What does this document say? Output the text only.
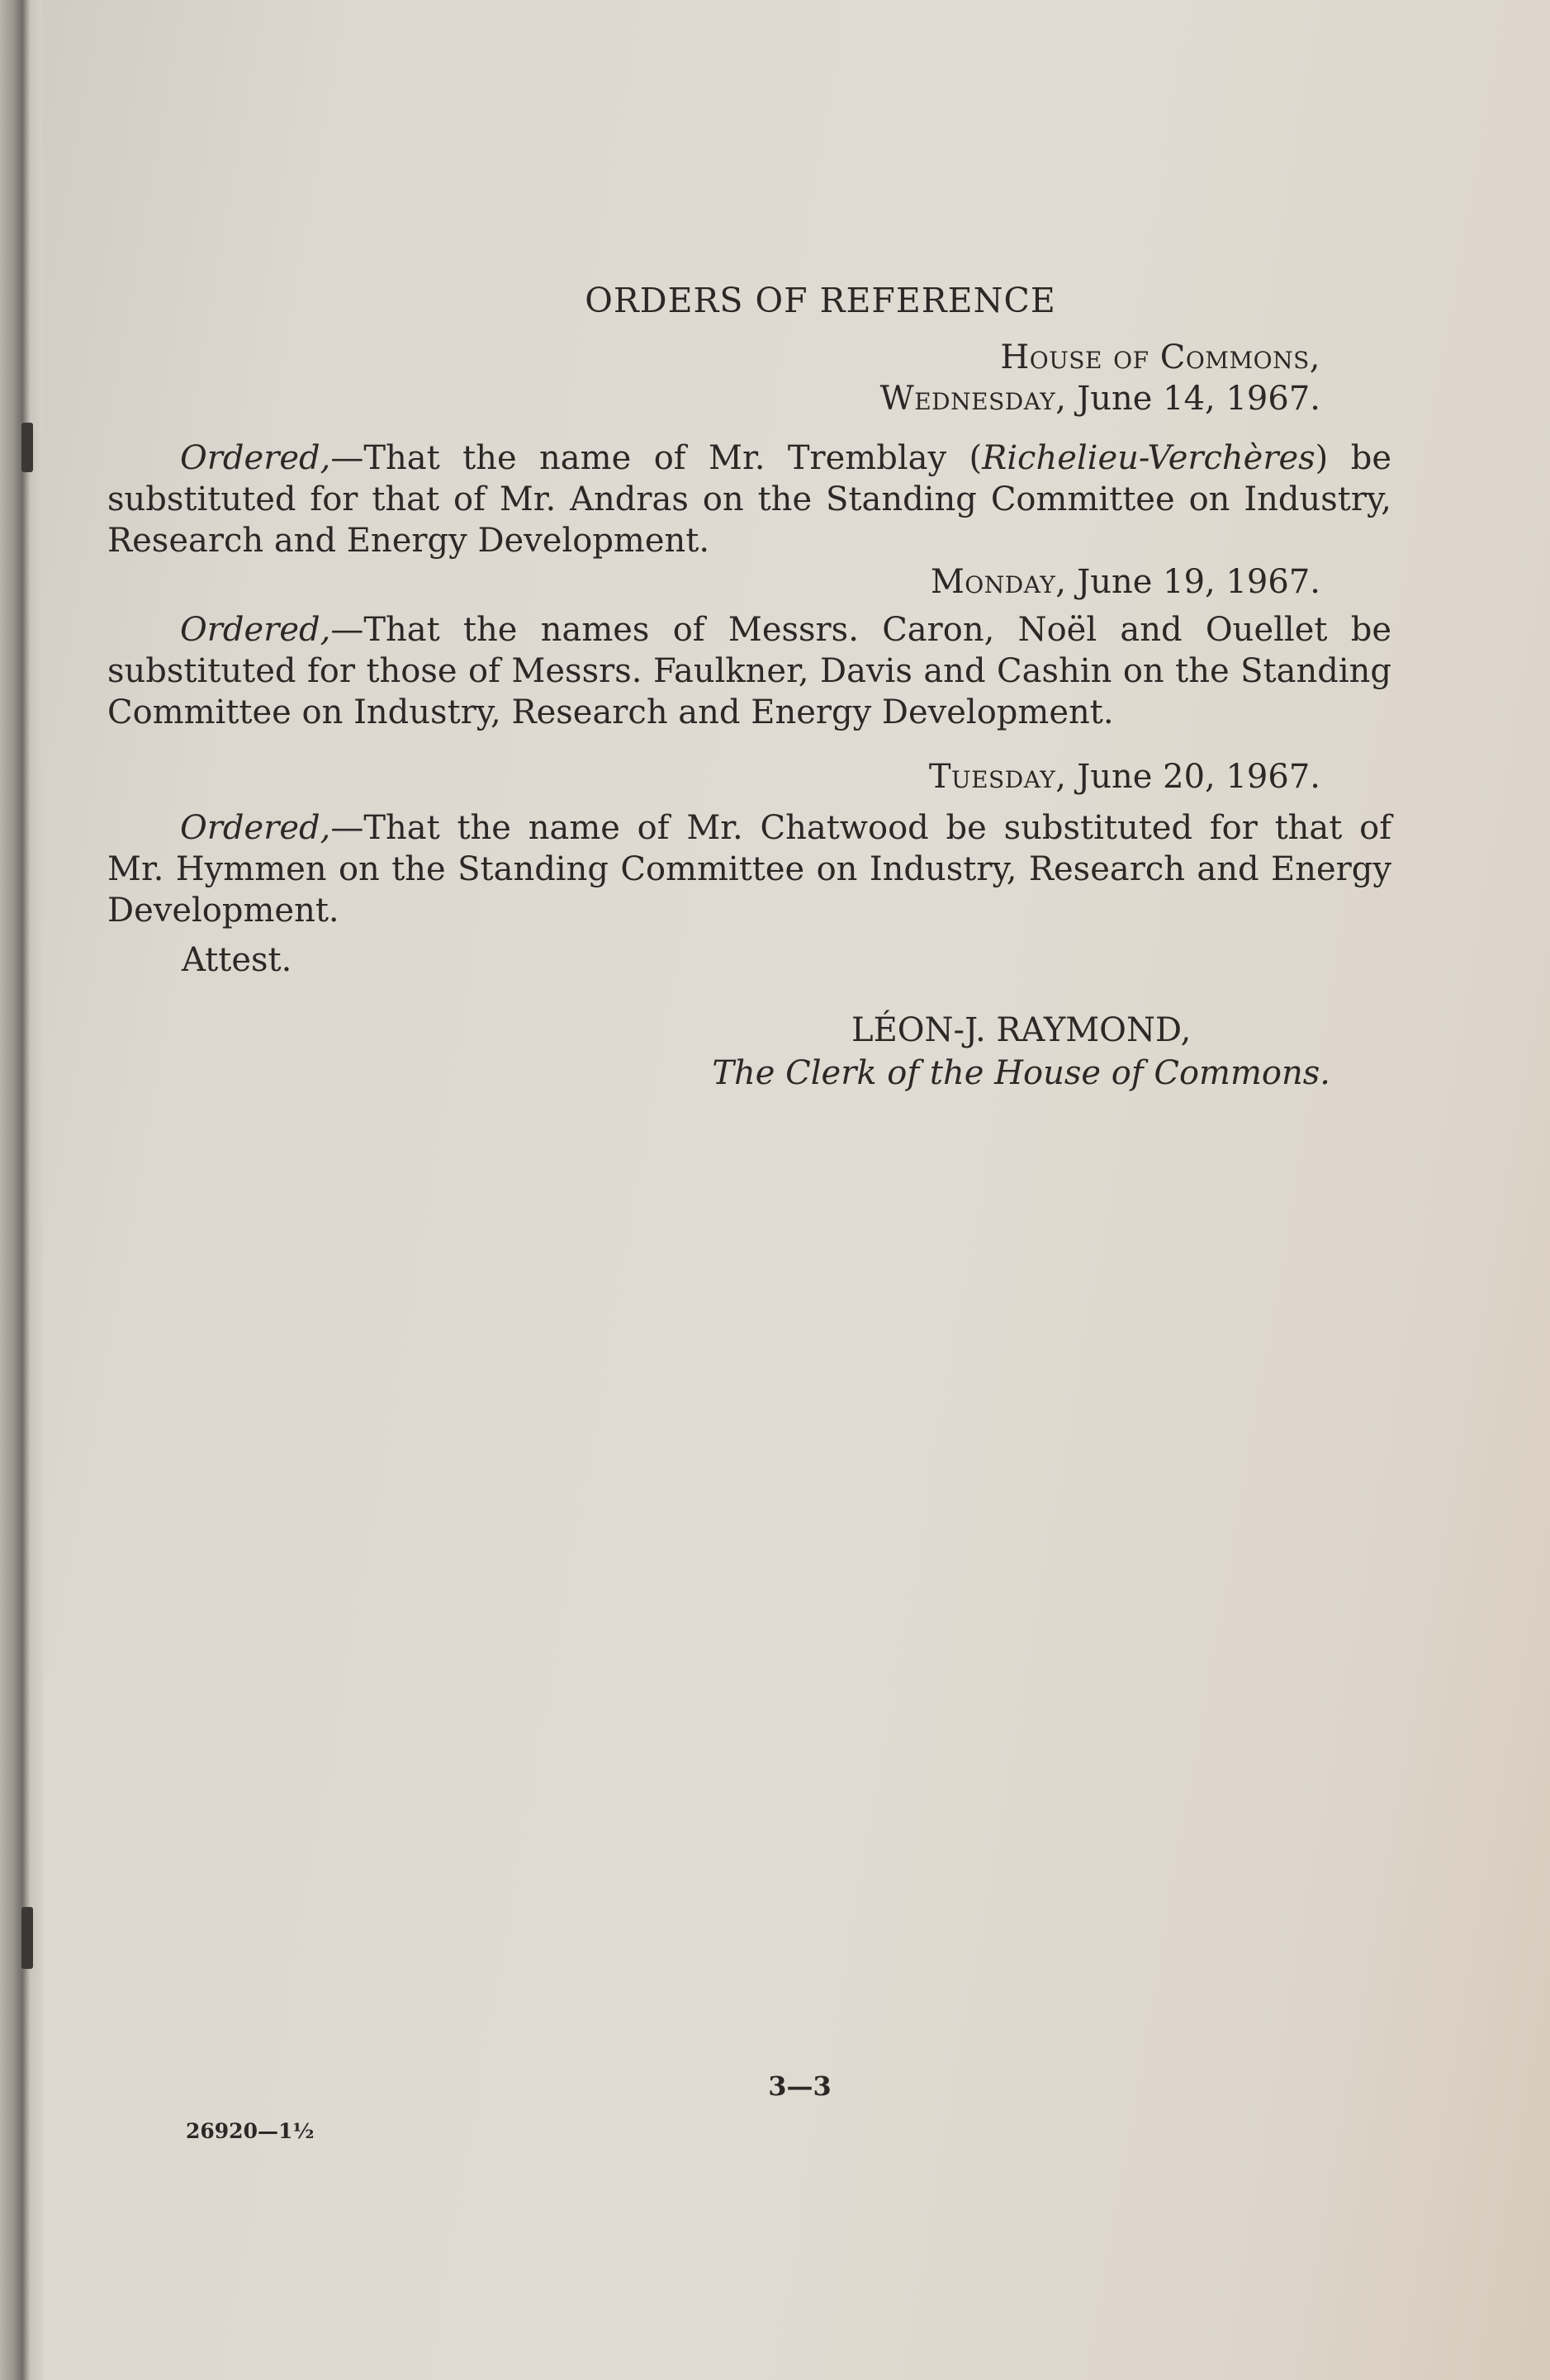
ORDERS OF REFERENCE
House of Commons,
Wednesday, June 14, 1967.
Ordered,—That the name of Mr. Tremblay (Richelieu-Verchères) be substituted for that of Mr. Andras on the Standing Committee on Industry, Research and Energy Development.
Monday, June 19, 1967.
Ordered,—That the names of Messrs. Caron, Noël and Ouellet be substituted for those of Messrs. Faulkner, Davis and Cashin on the Standing Committee on Industry, Research and Energy Development.
Tuesday, June 20, 1967.
Ordered,—That the name of Mr. Chatwood be substituted for that of Mr. Hymmen on the Standing Committee on Industry, Research and Energy Development.
Attest.
LÉON-J. RAYMOND,
The Clerk of the House of Commons.
3—3
26920—1½
